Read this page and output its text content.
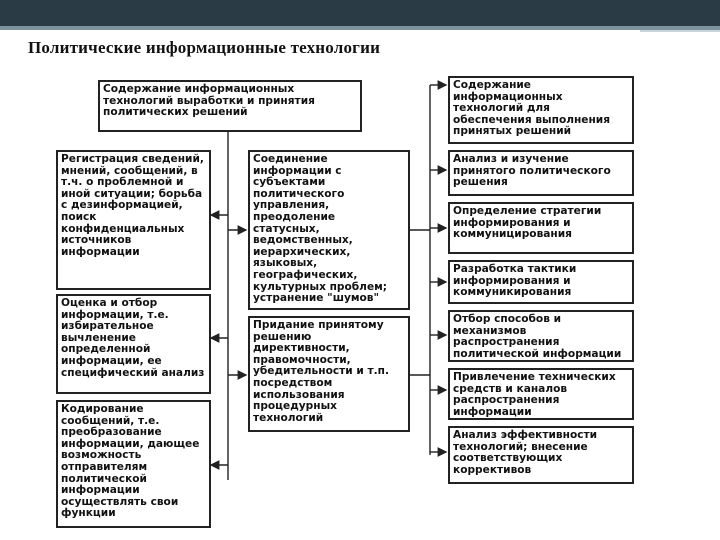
Политические информационные технологии
Содержание информационных технологий выработки и принятия политических решений
Содержание информационных технологий для обеспечения выполнения принятых решений
Регистрация сведений, мнений, сообщений, в т.ч. о проблемной и иной ситуации; борьба с дезинформацией, поиск конфиденциальных источников информации
Оценка и отбор информации, т.е. избирательное вычленение определенной информации, ее специфический анализ
Кодирование сообщений, т.е. преобразование информации, дающее возможность отправителям политической информации осуществлять свои функции
Соединение информации с субъектами политического управления, преодоление статусных, ведомственных, иерархических, языковых, географических, культурных проблем; устранение "шумов"
Придание принятому решению директивности, правомочности, убедительности и т.п. посредством использования процедурных технологий
Анализ и изучение принятого политического решения
Определение стратегии информирования и коммуницирования
Разработка тактики информирования и коммуникирования
Отбор способов и механизмов распространения политической информации
Привлечение технических средств и каналов распространения информации
Анализ эффективности технологий; внесение соответствующих коррективов
